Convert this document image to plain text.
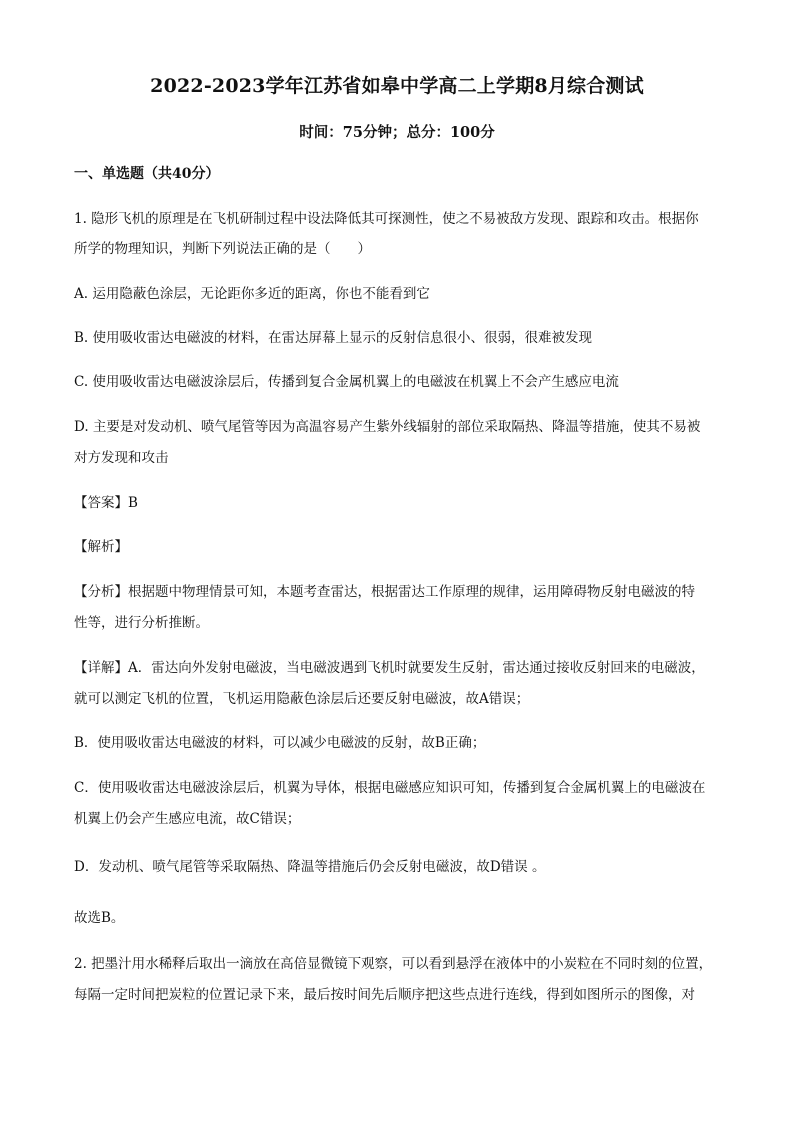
2022-2023学年江苏省如皋中学高二上学期8月综合测试
时间：75分钟；总分：100分
一、单选题（共40分）
1. 隐形飞机的原理是在飞机研制过程中设法降低其可探测性，使之不易被敌方发现、跟踪和攻击。根据你
所学的物理知识，判断下列说法正确的是（　　）
A. 运用隐蔽色涂层，无论距你多近的距离，你也不能看到它
B. 使用吸收雷达电磁波的材料，在雷达屏幕上显示的反射信息很小、很弱，很难被发现
C. 使用吸收雷达电磁波涂层后，传播到复合金属机翼上的电磁波在机翼上不会产生感应电流
D. 主要是对发动机、喷气尾管等因为高温容易产生紫外线辐射的部位采取隔热、降温等措施，使其不易被
对方发现和攻击
【答案】B
【解析】
【分析】根据题中物理情景可知，本题考查雷达，根据雷达工作原理的规律，运用障碍物反射电磁波的特
性等，进行分析推断。
【详解】A．雷达向外发射电磁波，当电磁波遇到飞机时就要发生反射，雷达通过接收反射回来的电磁波，
就可以测定飞机的位置，飞机运用隐蔽色涂层后还要反射电磁波，故A错误；
B．使用吸收雷达电磁波的材料，可以减少电磁波的反射，故B正确；
C．使用吸收雷达电磁波涂层后，机翼为导体，根据电磁感应知识可知，传播到复合金属机翼上的电磁波在
机翼上仍会产生感应电流，故C错误；
D．发动机、喷气尾管等采取隔热、降温等措施后仍会反射电磁波，故D错误 。
故选B。
2. 把墨汁用水稀释后取出一滴放在高倍显微镜下观察，可以看到悬浮在液体中的小炭粒在不同时刻的位置，
每隔一定时间把炭粒的位置记录下来，最后按时间先后顺序把这些点进行连线，得到如图所示的图像，对
